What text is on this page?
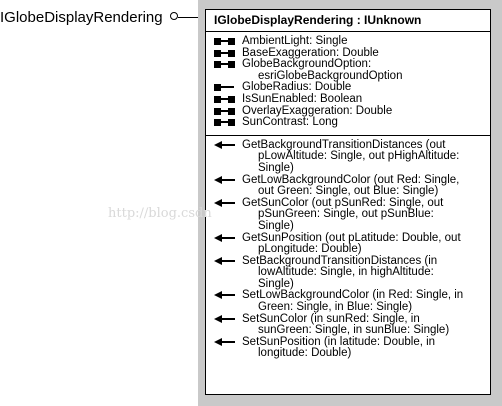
IGlobeDisplayRendering	IGlobeDisplayRendering : IUnknown
AmbientLight: Single
BaseExaggeration: Double
GlobeBackgroundOption:
esriGlobeBackgroundOption
GlobeRadius: Double
IsSunEnabled: Boolean
OverlayExaggeration: Double
SunContrast: Long
GetBackgroundTransitionDistances (out
pLowAltitude: Single, out pHighAltitude:
Single)
GetLowBackgroundColor (out Red: Single,
out Green: Single, out Blue: Single)
GetSunColor (out pSunRed: Single, out
pSunGreen: Single, out pSunBlue:
Single)
GetSunPosition (out pLatitude: Double, out
pLongitude: Double)
SetBackgroundTransitionDistances (in
lowAltitude: Single, in highAltitude:
Single)
SetLowBackgroundColor (in Red: Single, in
Green: Single, in Blue: Single)
SetSunColor (in sunRed: Single, in
sunGreen: Single, in sunBlue: Single)
SetSunPosition (in latitude: Double, in
longitude: Double)
http://blog.csdn
